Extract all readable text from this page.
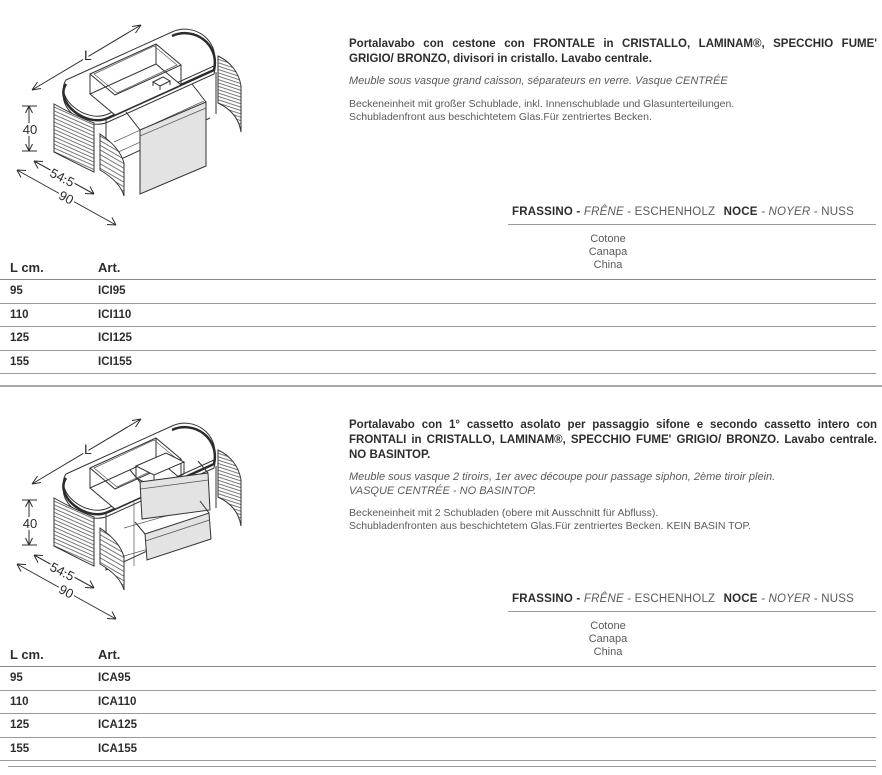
L
40
54.5
90

Portalavabo con cestone con FRONTALE in CRISTALLO, LAMINAM®, SPECCHIO FUME' GRIGIO/ BRONZO, divisori in cristallo. Lavabo centrale.

Meuble sous vasque grand caisson, séparateurs en verre. Vasque CENTRÉE
Beckeneinheit mit großer Schublade, inkl. Innenschublade und Glasunterteilungen.
Schubladenfront aus beschichtetem Glas.Für zentriertes Becken.
FRASSINO - FRÊNE - ESCHENHOLZ NOCE - NOYER - NUSS
Cotone
Canapa
China
L cm.	Art.
95	ICI95
110	ICI110
125	ICI125
155	ICI155
L
40
54.5
90

Portalavabo con 1° cassetto asolato per passaggio sifone e secondo cassetto intero con FRONTALI in CRISTALLO, LAMINAM®, SPECCHIO FUME' GRIGIO/ BRONZO. Lavabo centrale. NO BASINTOP.

Meuble sous vasque 2 tiroirs, 1er avec découpe pour passage siphon, 2ème tiroir plein.
VASQUE CENTRÉE - NO BASINTOP.
Beckeneinheit mit 2 Schubladen (obere mit Ausschnitt für Abfluss).
Schubladenfronten aus beschichtetem Glas.Für zentriertes Becken. KEIN BASIN TOP.
FRASSINO - FRÊNE - ESCHENHOLZ NOCE - NOYER - NUSS
Cotone
Canapa
China
L cm.	Art.
95	ICA95
110	ICA110
125	ICA125
155	ICA155
